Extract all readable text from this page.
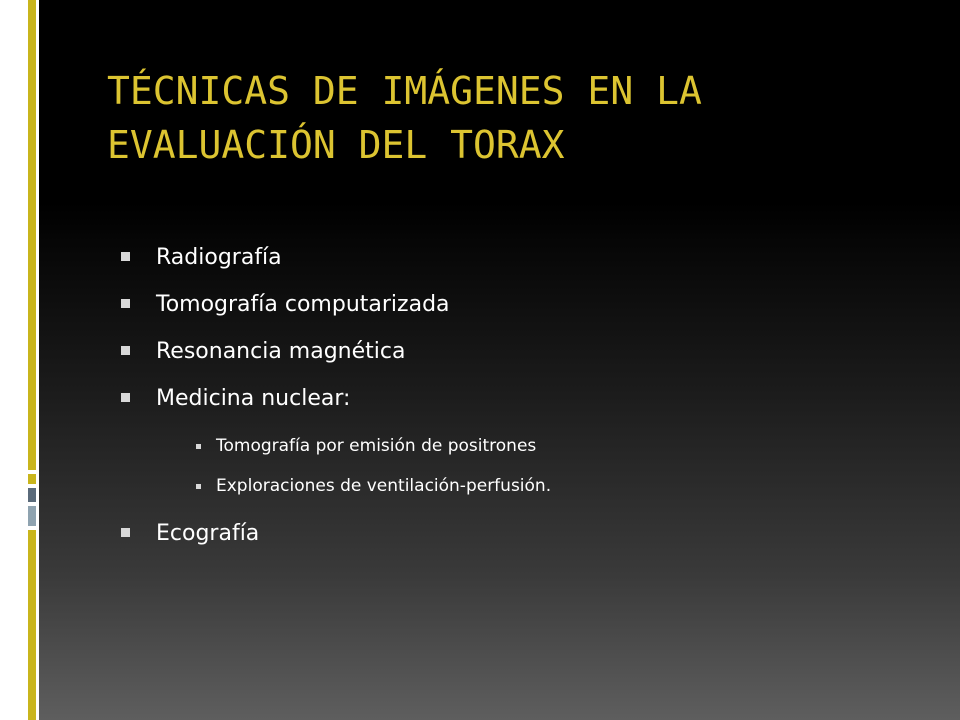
TÉCNICAS DE IMÁGENES EN LA
EVALUACIÓN DEL TORAX
Radiografía
Tomografía computarizada
Resonancia magnética
Medicina nuclear:
Tomografía por emisión de positrones
Exploraciones de ventilación-perfusión.
Ecografía
